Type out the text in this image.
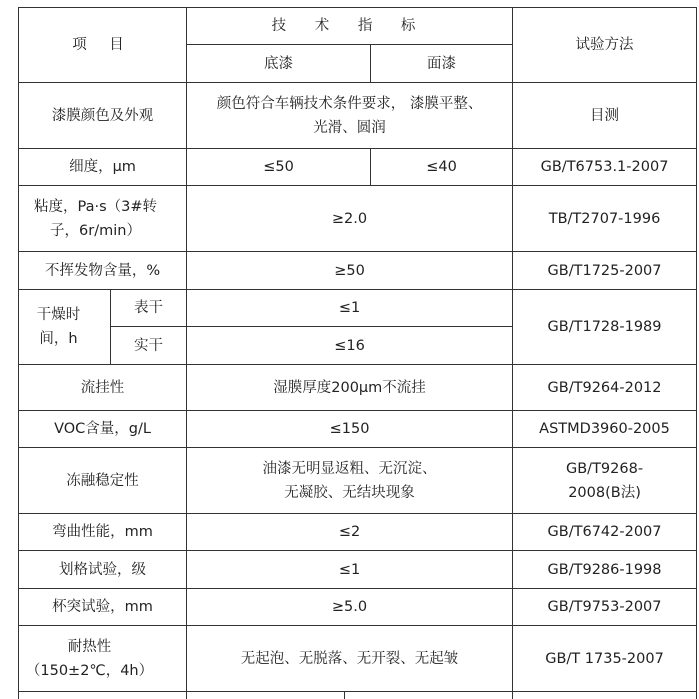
项 目		技 术 指 标			试验方法
		底漆		面漆	
漆膜颜色及外观		颜色符合车辆技术条件要求， 漆膜平整、光滑、圆润			目测
细度，μm		≤50		≤40	GB/T6753.1-2007
粘度，Pa·s（3#转子，6r/min）		≥2.0			TB/T2707-1996
不挥发物含量，%		≥50			GB/T1725-2007
干燥时间，h	表干	≤1			GB/T1728-1989
	实干	≤16			
流挂性		湿膜厚度200μm不流挂			GB/T9264-2012
VOC含量，g/L		≤150			ASTMD3960-2005
冻融稳定性		油漆无明显返粗、无沉淀、无凝胶、无结块现象			GB/T9268-2008(B法)
弯曲性能，mm		≤2			GB/T6742-2007
划格试验，级		≤1			GB/T9286-1998
杯突试验，mm		≥5.0			GB/T9753-2007
耐热性（150±2℃，4h）		无起泡、无脱落、无开裂、无起皱			GB/T 1735-2007
